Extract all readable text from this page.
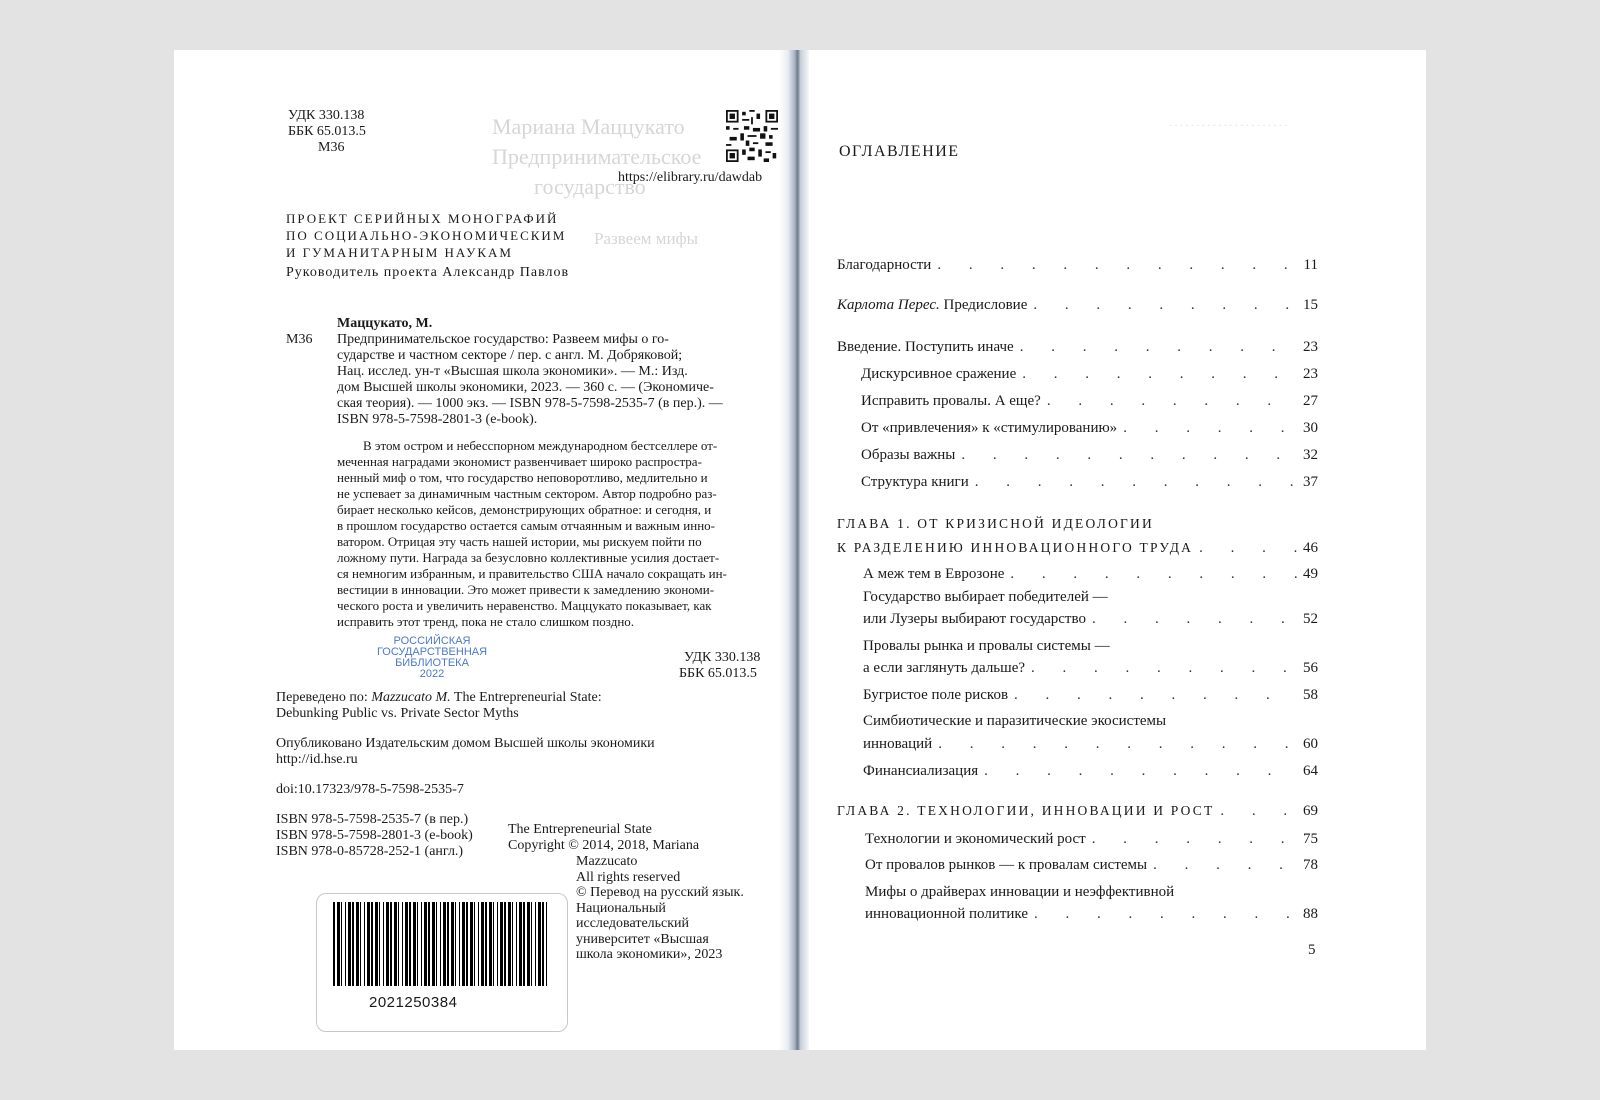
Мариана Маццукато
Предпринимательское
государство
Развеем мифы

УДК 330.138

ББК 65.013.5

М36

https://elibrary.ru/dawdab

ПРОЕКТ СЕРИЙНЫХ МОНОГРАФИЙ

ПО СОЦИАЛЬНО-ЭКОНОМИЧЕСКИМ

И ГУМАНИТАРНЫМ НАУКАМ

Руководитель проекта Александр Павлов

Маццукато, М.

М36 Предпринимательское государство: Развеем мифы о го-
сударстве и частном секторе / пер. с англ. М. Добряковой;
Нац. исслед. ун-т «Высшая школа экономики». — М.: Изд.
дом Высшей школы экономики, 2023. — 360 с. — (Экономиче-
ская теория). — 1000 экз. — ISBN 978-5-7598-2535-7 (в пер.). —
ISBN 978-5-7598-2801-3 (e-book).
В этом остром и небесспорном международном бестселлере от-
меченная наградами экономист развенчивает широко распростра-
ненный миф о том, что государство неповоротливо, медлительно и
не успевает за динамичным частным сектором. Автор подробно раз-
бирает несколько кейсов, демонстрирующих обратное: и сегодня, и
в прошлом государство остается самым отчаянным и важным инно-
ватором. Отрицая эту часть нашей истории, мы рискуем пойти по
ложному пути. Награда за безусловно коллективные усилия достает-
ся немногим избранным, и правительство США начало сокращать ин-
вестиции в инновации. Это может привести к замедлению экономи-
ческого роста и увеличить неравенство. Маццукато показывает, как
исправить этот тренд, пока не стало слишком поздно.
РОССИЙСКАЯ
ГОСУДАРСТВЕННАЯ
БИБЛИОТЕКА
2022

УДК 330.138

ББК 65.013.5

Переведено по: Mazzucato M. The Entrepreneurial State:

Debunking Public vs. Private Sector Myths

Опубликовано Издательским домом Высшей школы экономики

http://id.hse.ru

doi:10.17323/978-5-7598-2535-7

ISBN 978-5-7598-2535-7 (в пер.)
ISBN 978-5-7598-2801-3 (e-book)
ISBN 978-0-85728-252-1 (англ.)

The Entrepreneurial State

Copyright © 2014, 2018, Mariana

Mazzucato
All rights reserved
© Перевод на русский язык.
Национальный
исследовательский
университет «Высшая
школа экономики», 2023
2021250384
. . . . . . . . . . . . . . . . . . . . . .

ОГЛАВЛЕНИЕ

Благодарности . . .	11
Карлота Перес. Предисловие . . .	15
Введение. Поступить иначе . . .	23
Дискурсивное сражение . . .	23
Исправить провалы. А еще? . . .	27
От «привлечения» к «стимулированию» . . .	30
Образы важны . . .	32
Структура книги . . .	37
ГЛАВА 1. ОТ КРИЗИСНОЙ ИДЕОЛОГИИ
К РАЗДЕЛЕНИЮ ИННОВАЦИОННОГО ТРУДА . . .	46
А меж тем в Еврозоне . . .	49
Государство выбирает победителей —
или Лузеры выбирают государство . . .	52
Провалы рынка и провалы системы —
а если заглянуть дальше? . . .	56
Бугристое поле рисков . . .	58
Симбиотические и паразитические экосистемы
инноваций . . .	60
Финансиализация . . .	64
ГЛАВА 2. ТЕХНОЛОГИИ, ИННОВАЦИИ И РОСТ . . .	69
Технологии и экономический рост . . .	75
От провалов рынков — к провалам системы . . .	78
Мифы о драйверах инновации и неэффективной
инновационной политике . . .	88

5
